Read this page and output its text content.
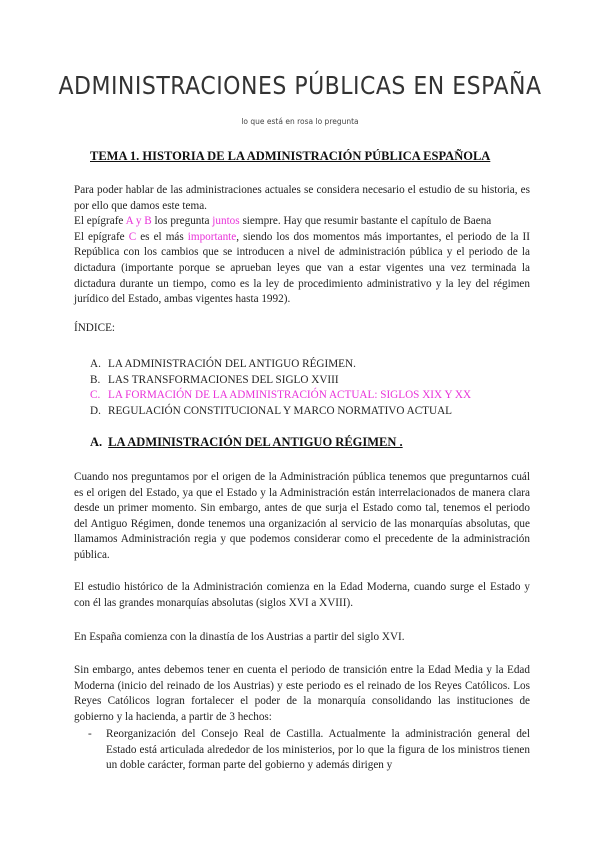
ADMINISTRACIONES PÚBLICAS EN ESPAÑA
lo que está en rosa lo pregunta
TEMA 1. HISTORIA DE LA ADMINISTRACIÓN PÚBLICA ESPAÑOLA

Para poder hablar de las administraciones actuales se considera necesario el estudio de su historia, es por ello que damos este tema.

El epígrafe A y B los pregunta juntos siempre. Hay que resumir bastante el capítulo de Baena

El epígrafe C es el más importante, siendo los dos momentos más importantes, el periodo de la II República con los cambios que se introducen a nivel de administración pública y el periodo de la dictadura (importante porque se aprueban leyes que van a estar vigentes una vez terminada la dictadura durante un tiempo, como es la ley de procedimiento administrativo y la ley del régimen jurídico del Estado, ambas vigentes hasta 1992).

ÍNDICE:
A. LA ADMINISTRACIÓN DEL ANTIGUO RÉGIMEN.
B. LAS TRANSFORMACIONES DEL SIGLO XVIII
C. LA FORMACIÓN DE LA ADMINISTRACIÓN ACTUAL: SIGLOS XIX Y XX
D. REGULACIÓN CONSTITUCIONAL Y MARCO NORMATIVO ACTUAL
A. LA ADMINISTRACIÓN DEL ANTIGUO RÉGIMEN .
Cuando nos preguntamos por el origen de la Administración pública tenemos que preguntarnos cuál es el origen del Estado, ya que el Estado y la Administración están interrelacionados de manera clara desde un primer momento. Sin embargo, antes de que surja el Estado como tal, tenemos el periodo del Antiguo Régimen, donde tenemos una organización al servicio de las monarquías absolutas, que llamamos Administración regia y que podemos considerar como el precedente de la administración pública.
El estudio histórico de la Administración comienza en la Edad Moderna, cuando surge el Estado y con él las grandes monarquías absolutas (siglos XVI a XVIII).
En España comienza con la dinastía de los Austrias a partir del siglo XVI.
Sin embargo, antes debemos tener en cuenta el periodo de transición entre la Edad Media y la Edad Moderna (inicio del reinado de los Austrias) y este periodo es el reinado de los Reyes Católicos. Los Reyes Católicos logran fortalecer el poder de la monarquía consolidando las instituciones de gobierno y la hacienda, a partir de 3 hechos:
- Reorganización del Consejo Real de Castilla. Actualmente la administración general del Estado está articulada alrededor de los ministerios, por lo que la figura de los ministros tienen un doble carácter, forman parte del gobierno y además dirigen y
